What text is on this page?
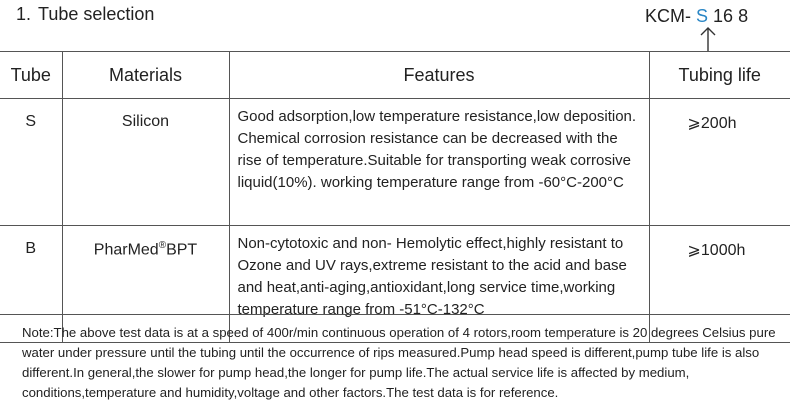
1. Tube selection	KCM- S 16 8
Tube	Materials	Features	Tubing life
S	Silicon	Good adsorption,low temperature resistance,low deposition. Chemical corrosion resistance can be decreased with the rise of temperature.Suitable for transporting weak corrosive liquid(10%). working temperature range from -60°C-200°C	⩾200h
B	PharMed®BPT	Non-cytotoxic and non- Hemolytic effect,highly resistant to Ozone and UV rays,extreme resistant to the acid and base and heat,anti-aging,antioxidant,long service time,working temperature range from -51°C-132°C	⩾1000h
Note:The above test data is at a speed of 400r/min continuous operation of 4 rotors,room temperature is 20 degrees Celsius pure water under pressure until the tubing until the occurrence of rips measured.Pump head speed is different,pump tube life is also different.In general,the slower for pump head,the longer for pump life.The actual service life is affected by medium, conditions,temperature and humidity,voltage and other factors.The test data is for reference.
